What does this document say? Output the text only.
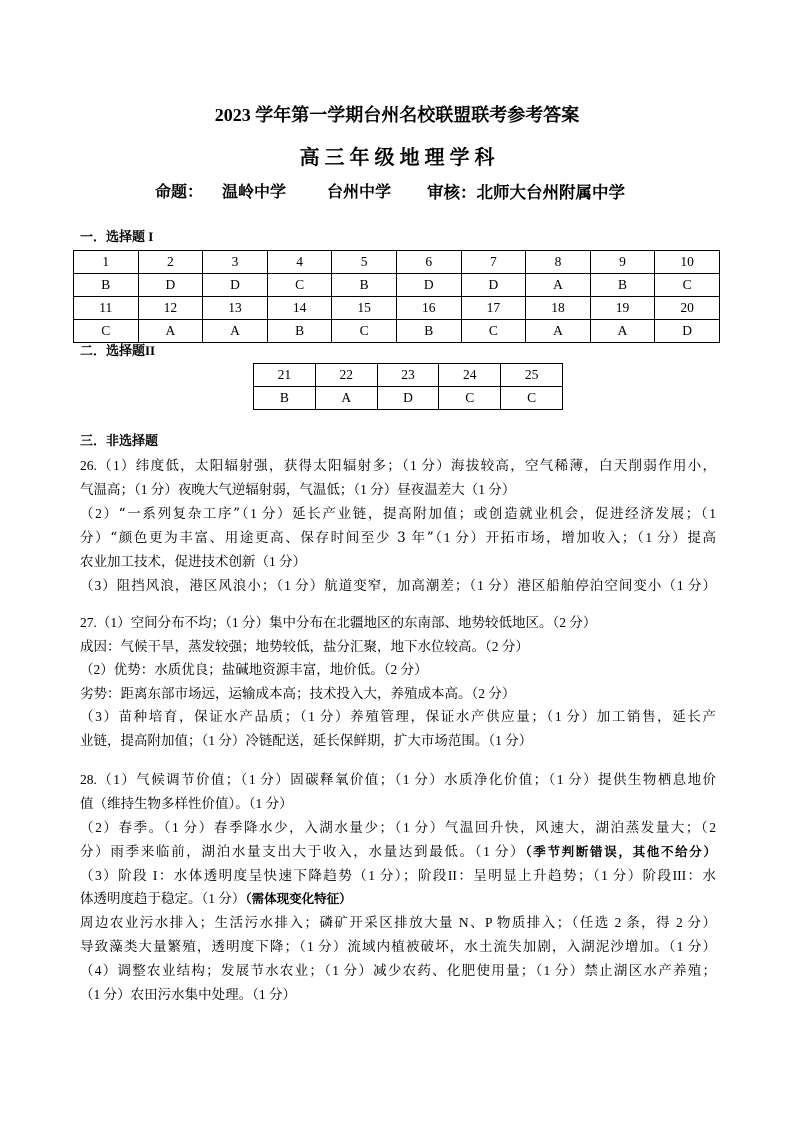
2023 学年第一学期台州名校联盟联考参考答案
高三年级地理学科
命题： 温岭中学	台州中学 审核：北师大台州附属中学
一．选择题 I
1	2	3	4	5	6	7	8	9	10
B	D	D	C	B	D	D	A	B	C
11	12	13	14	15	16	17	18	19	20
C	A	A	B	C	B	C	A	A	D
二．选择题II
21	22	23	24	25
B	A	D	C	C
三．非选择题
26.（1）纬度低，太阳辐射强，获得太阳辐射多；（1 分）海拔较高，空气稀薄，白天削弱作用小，
气温高；（1 分）夜晚大气逆辐射弱，气温低；（1 分）昼夜温差大（1 分）
（2）“一系列复杂工序”（1 分）延长产业链，提高附加值；或创造就业机会，促进经济发展；（1
分）“颜色更为丰富、用途更高、保存时间至少 3 年”（1 分）开拓市场，增加收入；（1 分）提高
农业加工技术，促进技术创新（1 分）
（3）阻挡风浪，港区风浪小；（1 分）航道变窄，加高潮差；（1 分）港区船舶停泊空间变小（1 分）
27.（1）空间分布不均；（1 分）集中分布在北疆地区的东南部、地势较低地区。（2 分）
成因：气候干旱，蒸发较强；地势较低，盐分汇聚，地下水位较高。（2 分）
（2）优势：水质优良；盐碱地资源丰富，地价低。（2 分）
劣势：距离东部市场远，运输成本高；技术投入大，养殖成本高。（2 分）
（3）苗种培育，保证水产品质；（1 分）养殖管理，保证水产供应量；（1 分）加工销售，延长产
业链，提高附加值；（1 分）冷链配送，延长保鲜期，扩大市场范围。（1 分）
28.（1）气候调节价值；（1 分）固碳释氧价值；（1 分）水质净化价值；（1 分）提供生物栖息地价
值（维持生物多样性价值）。（1 分）
（2）春季。（1 分）春季降水少，入湖水量少；（1 分）气温回升快，风速大，湖泊蒸发量大；（2
分）雨季来临前，湖泊水量支出大于收入，水量达到最低。（1 分）（季节判断错误，其他不给分）
（3）阶段 I：水体透明度呈快速下降趋势（1 分）；阶段II：呈明显上升趋势；（1 分）阶段III：水
体透明度趋于稳定。（1 分）（需体现变化特征）
周边农业污水排入；生活污水排入；磷矿开采区排放大量 N、P 物质排入；（任选 2 条，得 2 分）
导致藻类大量繁殖，透明度下降；（1 分）流域内植被破坏，水土流失加剧，入湖泥沙增加。（1 分）
（4）调整农业结构；发展节水农业；（1 分）减少农药、化肥使用量；（1 分）禁止湖区水产养殖；
（1 分）农田污水集中处理。（1 分）
